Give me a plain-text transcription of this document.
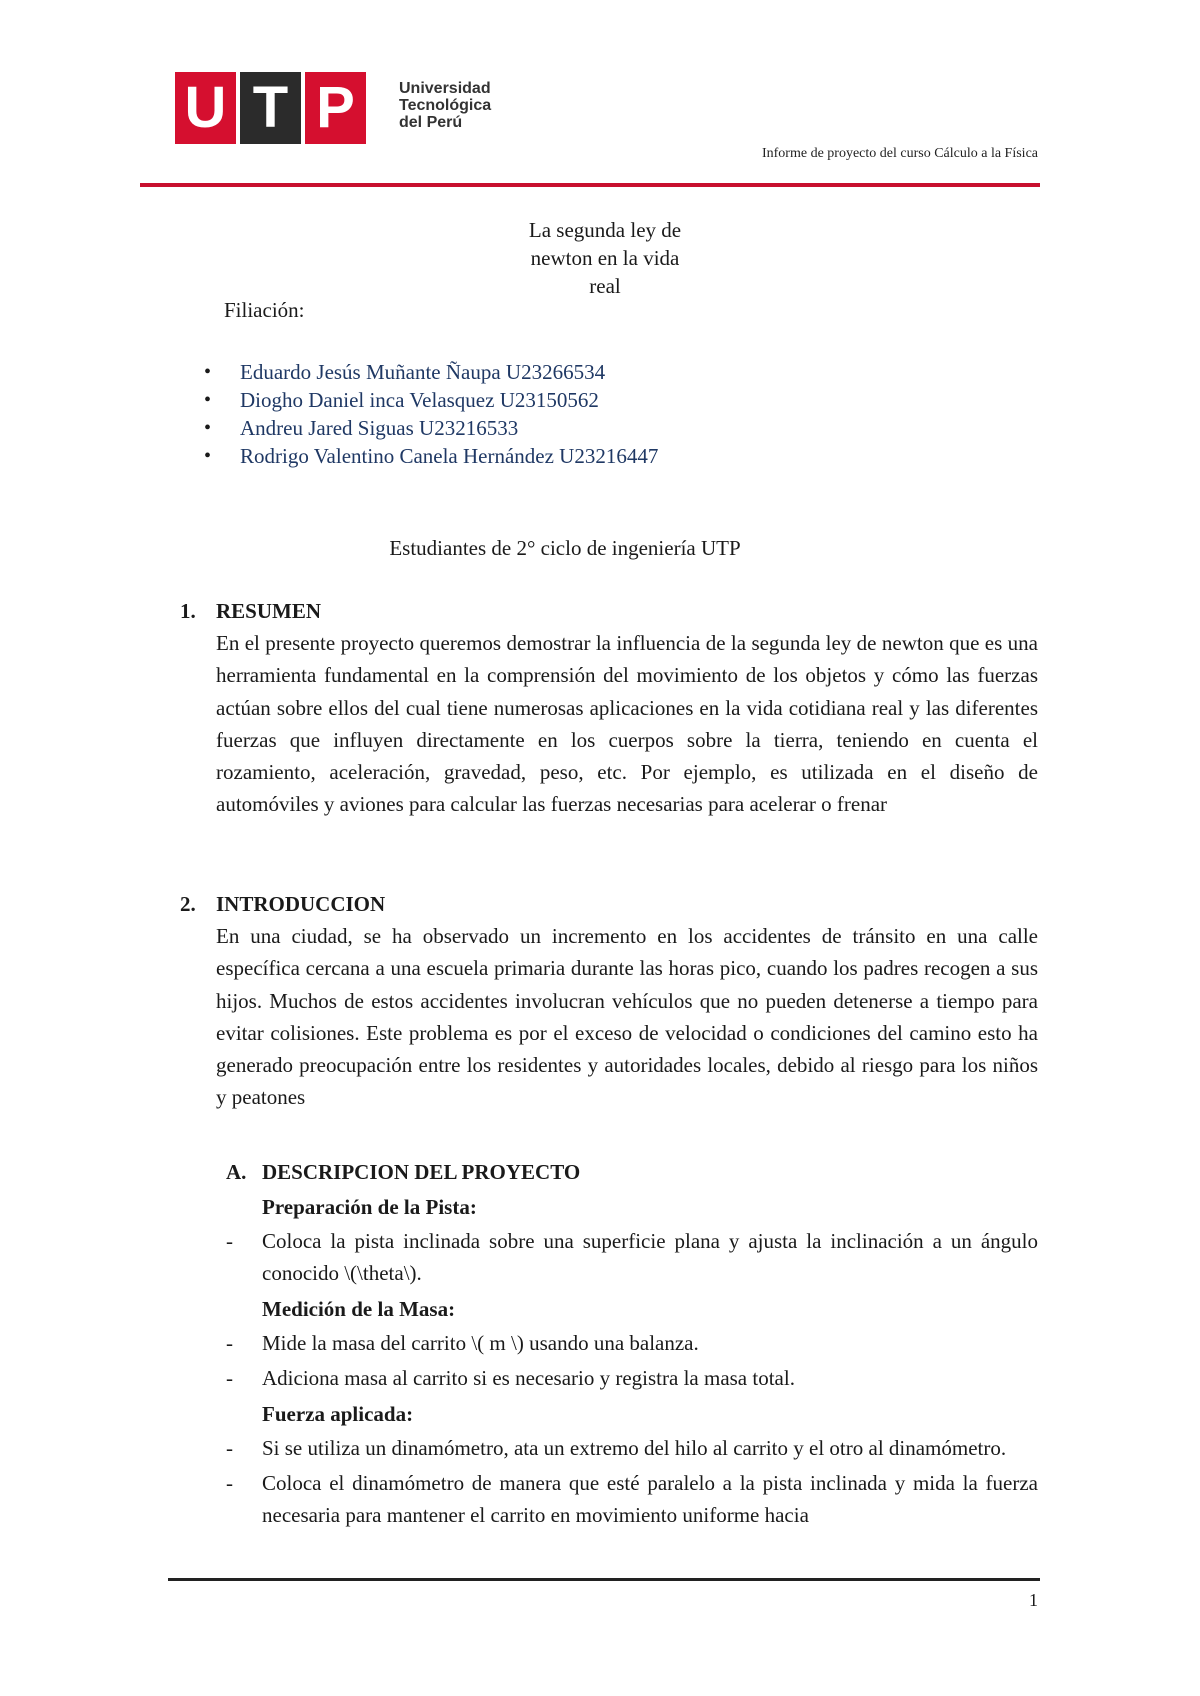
U T P	Universidad
Tecnológica
del Perú
Informe de proyecto del curso Cálculo a la Física
La segunda ley de
newton en la vida
real
Filiación:
• Eduardo Jesús Muñante Ñaupa U23266534
• Diogho Daniel inca Velasquez U23150562
• Andreu Jared Siguas U23216533
• Rodrigo Valentino Canela Hernández U23216447
Estudiantes de 2° ciclo de ingeniería UTP
1. RESUMEN
En el presente proyecto queremos demostrar la influencia de la segunda ley de newton que es una herramienta fundamental en la comprensión del movimiento de los objetos y cómo las fuerzas actúan sobre ellos del cual tiene numerosas aplicaciones en la vida cotidiana real y las diferentes fuerzas que influyen directamente en los cuerpos sobre la tierra, teniendo en cuenta el rozamiento, aceleración, gravedad, peso, etc. Por ejemplo, es utilizada en el diseño de automóviles y aviones para calcular las fuerzas necesarias para acelerar o frenar
2. INTRODUCCION
En una ciudad, se ha observado un incremento en los accidentes de tránsito en una calle específica cercana a una escuela primaria durante las horas pico, cuando los padres recogen a sus hijos. Muchos de estos accidentes involucran vehículos que no pueden detenerse a tiempo para evitar colisiones. Este problema es por el exceso de velocidad o condiciones del camino esto ha generado preocupación entre los residentes y autoridades locales, debido al riesgo para los niños y peatones
A. DESCRIPCION DEL PROYECTO
Preparación de la Pista:
- Coloca la pista inclinada sobre una superficie plana y ajusta la inclinación a un ángulo conocido \(\theta\).
Medición de la Masa:
- Mide la masa del carrito \( m \) usando una balanza.
- Adiciona masa al carrito si es necesario y registra la masa total.
Fuerza aplicada:
- Si se utiliza un dinamómetro, ata un extremo del hilo al carrito y el otro al dinamómetro.
- Coloca el dinamómetro de manera que esté paralelo a la pista inclinada y mida la fuerza necesaria para mantener el carrito en movimiento uniforme hacia
1
